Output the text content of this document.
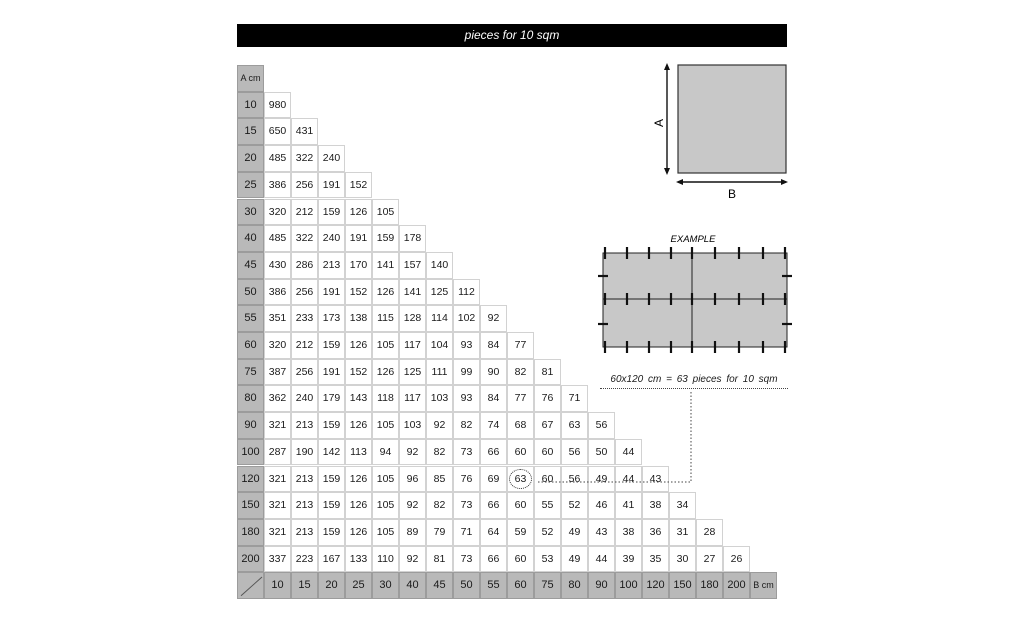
pieces for 10 sqm
A cm
10	980
15	650 431
20	485 322 240
25	386 256 191 152
30	320 212 159 126 105
40	485 322 240 191 159 178
45	430 286 213 170 141 157 140
50	386 256 191 152 126 141 125 112
55	351 233 173 138 115 128 114 102	92
60	320 212 159 126 105 117 104	93	84	77
75	387 256 191 152 126 125 111	99	90	82	81
80	362 240 179 143 118 117 103	93	84	77	76	71
90	321 213 159 126 105 103	92	82	74	68	67	63	56
100 287 190 142 113	94	92	82	73	66	60	60	56	50	44
120 321 213 159 126 105	96	85	76	69	63	60	56	49	44	43
150 321 213 159 126 105	92	82	73	66	60	55	52	46	41	38	34
180 321 213 159 126 105	89	79	71	64	59	52	49	43	38	36	31	28
200 337 223 167 133 110	92	81	73	66	60	53	49	44	39	35	30	27	26
10	15	20	25	30	40	45	50	55	60	75	80	90	100 120 150 180 200 B cm
A
B
EXAMPLE
60x120 cm = 63 pieces for 10 sqm
